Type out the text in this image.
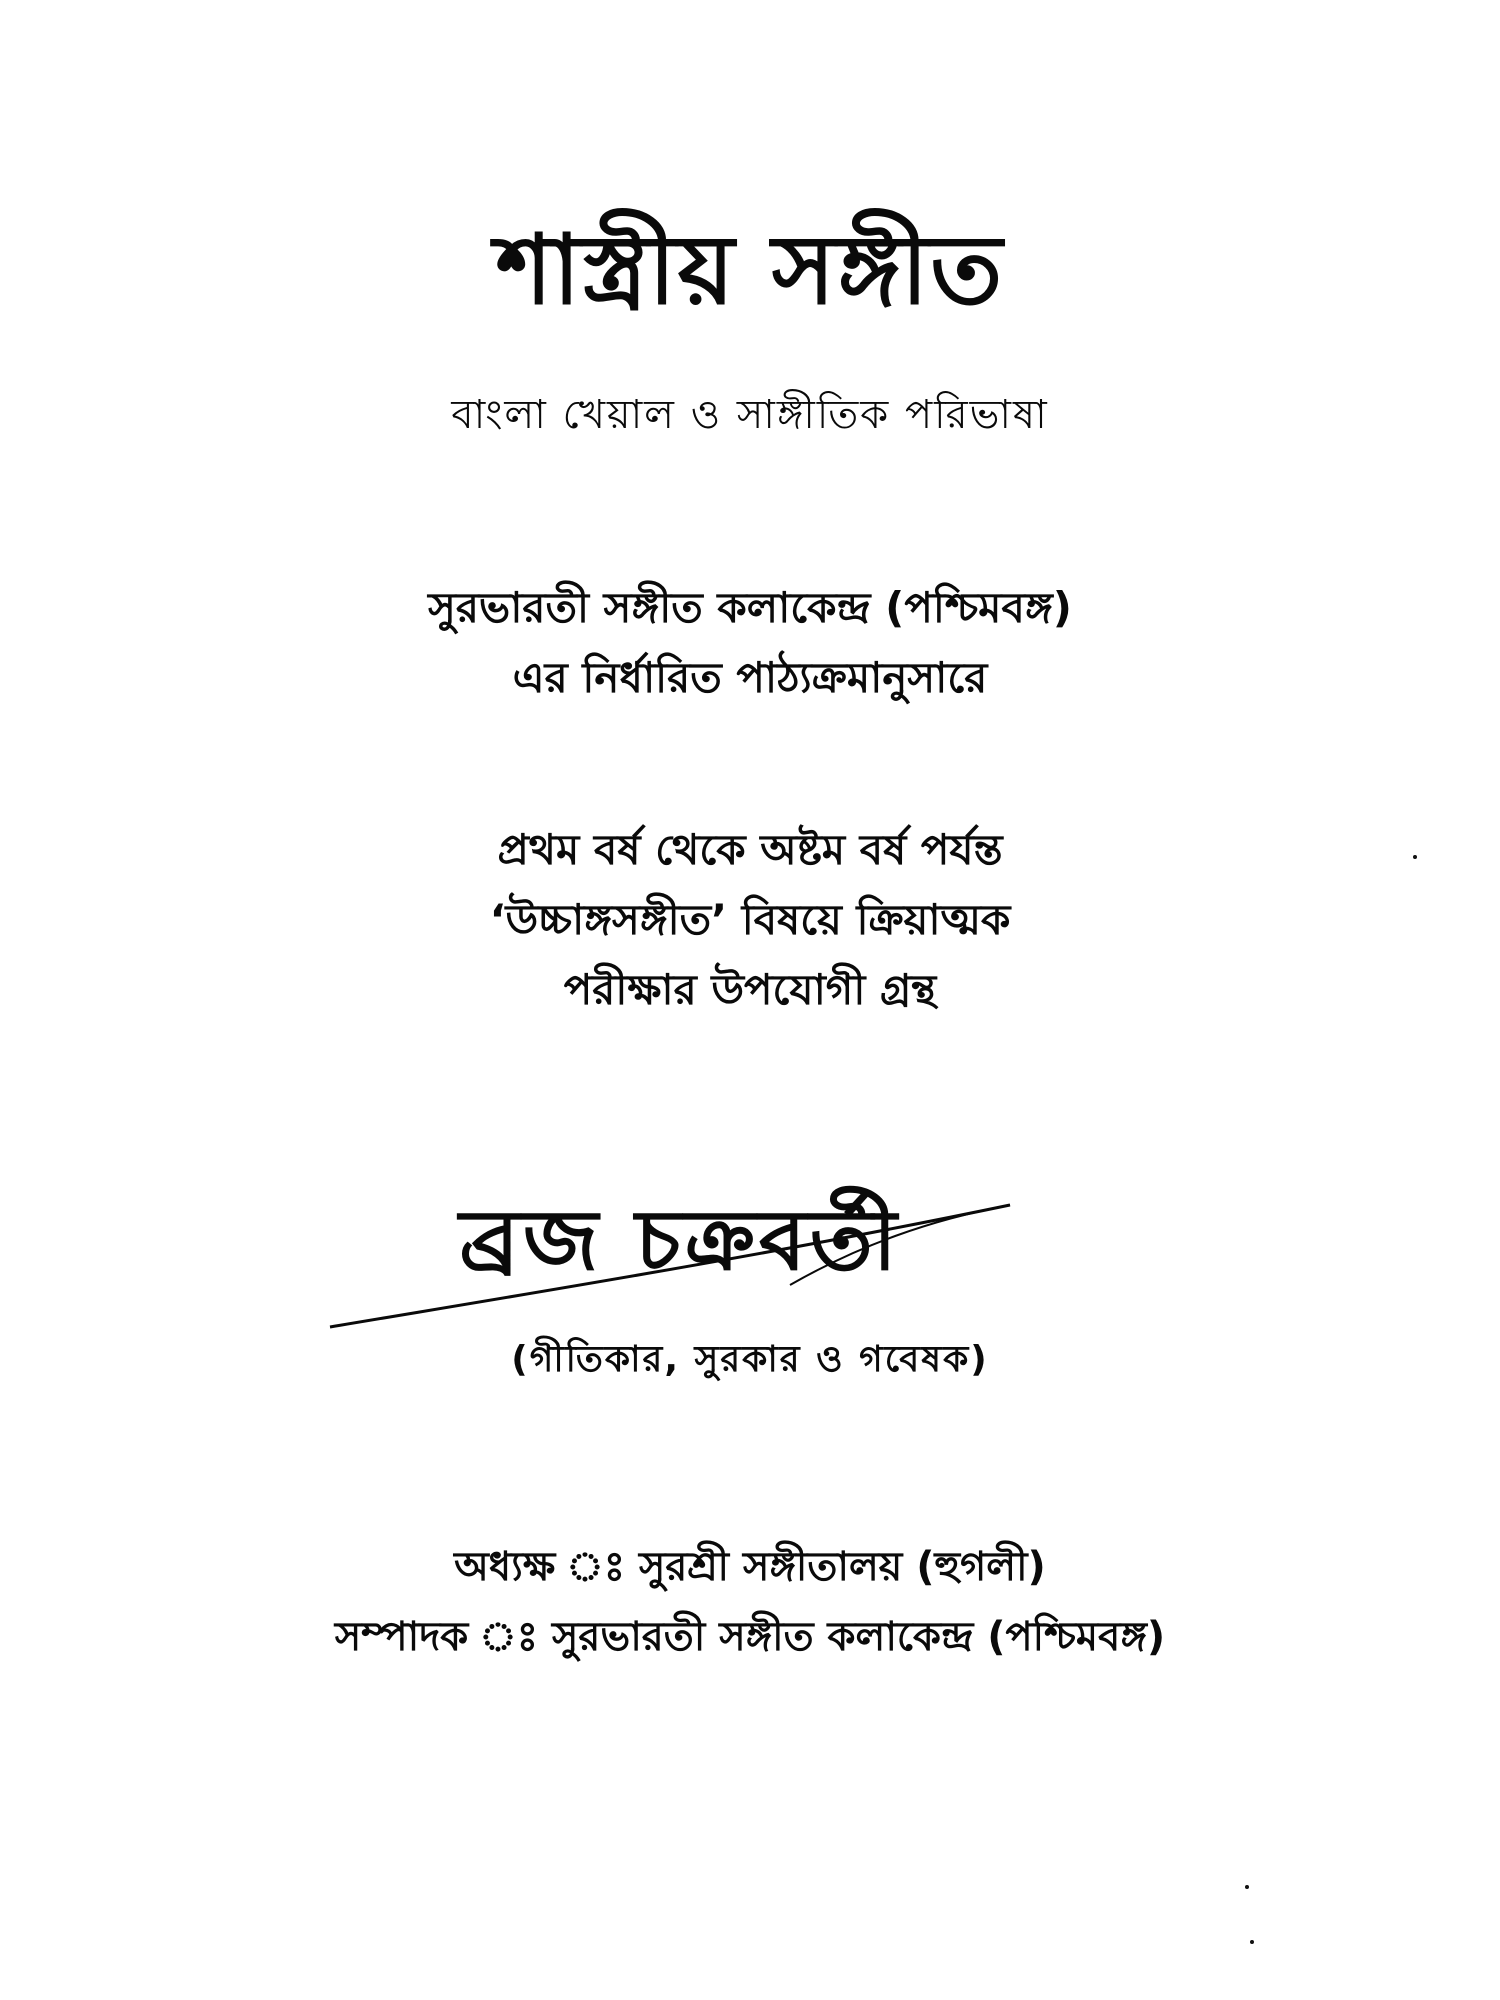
শাস্ত্রীয় সঙ্গীত
বাংলা খেয়াল ও সাঙ্গীতিক পরিভাষা
সুরভারতী সঙ্গীত কলাকেন্দ্র (পশ্চিমবঙ্গ)
এর নির্ধারিত পাঠ্যক্রমানুসারে
প্রথম বর্ষ থেকে অষ্টম বর্ষ পর্যন্ত
‘উচ্চাঙ্গসঙ্গীত’ বিষয়ে ক্রিয়াত্মক
পরীক্ষার উপযোগী গ্রন্থ
ব্রজ চক্রবর্তী
(গীতিকার, সুরকার ও গবেষক)
অধ্যক্ষ ঃ সুরশ্রী সঙ্গীতালয় (হুগলী)
সম্পাদক ঃ সুরভারতী সঙ্গীত কলাকেন্দ্র (পশ্চিমবঙ্গ)
